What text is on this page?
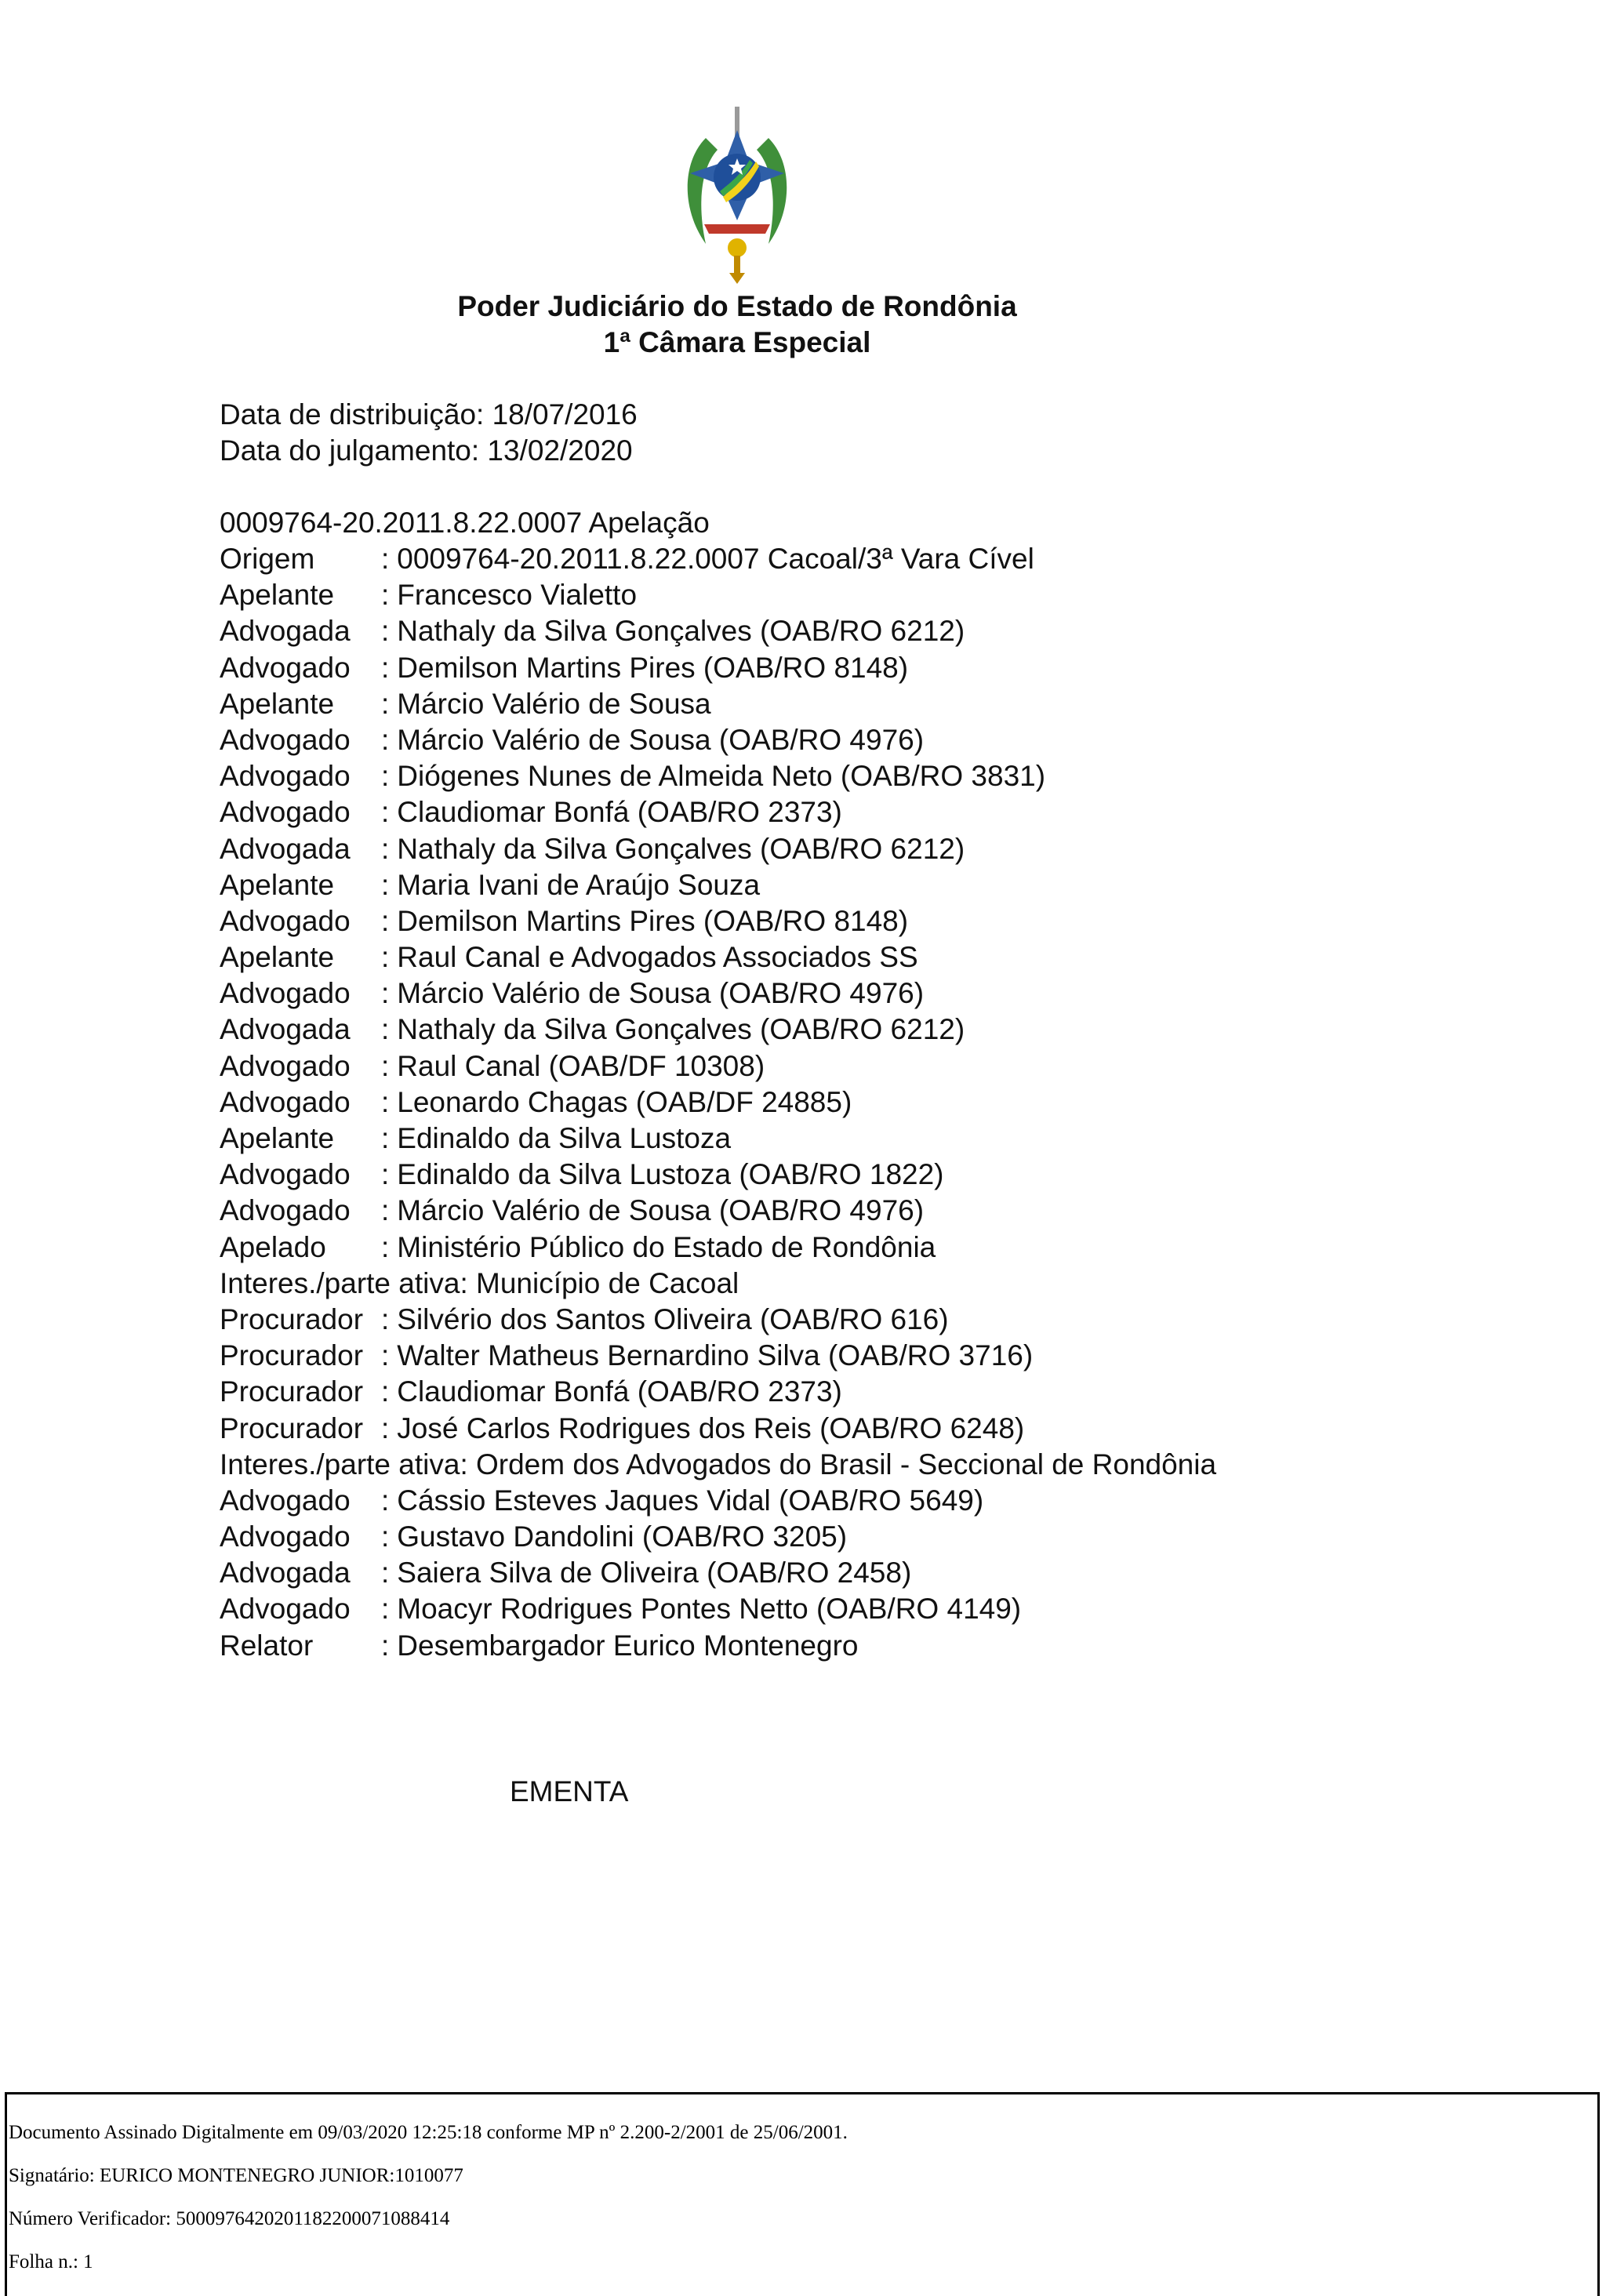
Poder Judiciário do Estado de Rondônia
1ª Câmara Especial
Data de distribuição: 18/07/2016
Data do julgamento: 13/02/2020
0009764-20.2011.8.22.0007 Apelação
Origem : 0009764-20.2011.8.22.0007 Cacoal/3ª Vara Cível
Apelante : Francesco Vialetto
Advogada : Nathaly da Silva Gonçalves (OAB/RO 6212)
Advogado : Demilson Martins Pires (OAB/RO 8148)
Apelante : Márcio Valério de Sousa
Advogado : Márcio Valério de Sousa (OAB/RO 4976)
Advogado : Diógenes Nunes de Almeida Neto (OAB/RO 3831)
Advogado : Claudiomar Bonfá (OAB/RO 2373)
Advogada : Nathaly da Silva Gonçalves (OAB/RO 6212)
Apelante : Maria Ivani de Araújo Souza
Advogado : Demilson Martins Pires (OAB/RO 8148)
Apelante : Raul Canal e Advogados Associados SS
Advogado : Márcio Valério de Sousa (OAB/RO 4976)
Advogada : Nathaly da Silva Gonçalves (OAB/RO 6212)
Advogado : Raul Canal (OAB/DF 10308)
Advogado : Leonardo Chagas (OAB/DF 24885)
Apelante : Edinaldo da Silva Lustoza
Advogado : Edinaldo da Silva Lustoza (OAB/RO 1822)
Advogado : Márcio Valério de Sousa (OAB/RO 4976)
Apelado : Ministério Público do Estado de Rondônia
Interes./parte ativa: Município de Cacoal
Procurador : Silvério dos Santos Oliveira (OAB/RO 616)
Procurador : Walter Matheus Bernardino Silva (OAB/RO 3716)
Procurador : Claudiomar Bonfá (OAB/RO 2373)
Procurador : José Carlos Rodrigues dos Reis (OAB/RO 6248)
Interes./parte ativa: Ordem dos Advogados do Brasil - Seccional de Rondônia
Advogado : Cássio Esteves Jaques Vidal (OAB/RO 5649)
Advogado : Gustavo Dandolini (OAB/RO 3205)
Advogada : Saiera Silva de Oliveira (OAB/RO 2458)
Advogado : Moacyr Rodrigues Pontes Netto (OAB/RO 4149)
Relator : Desembargador Eurico Montenegro
EMENTA
Documento Assinado Digitalmente em 09/03/2020 12:25:18 conforme MP nº 2.200-2/2001 de 25/06/2001.
Signatário: EURICO MONTENEGRO JUNIOR:1010077
Número Verificador: 5000976420201182200071088414
Folha n.: 1
